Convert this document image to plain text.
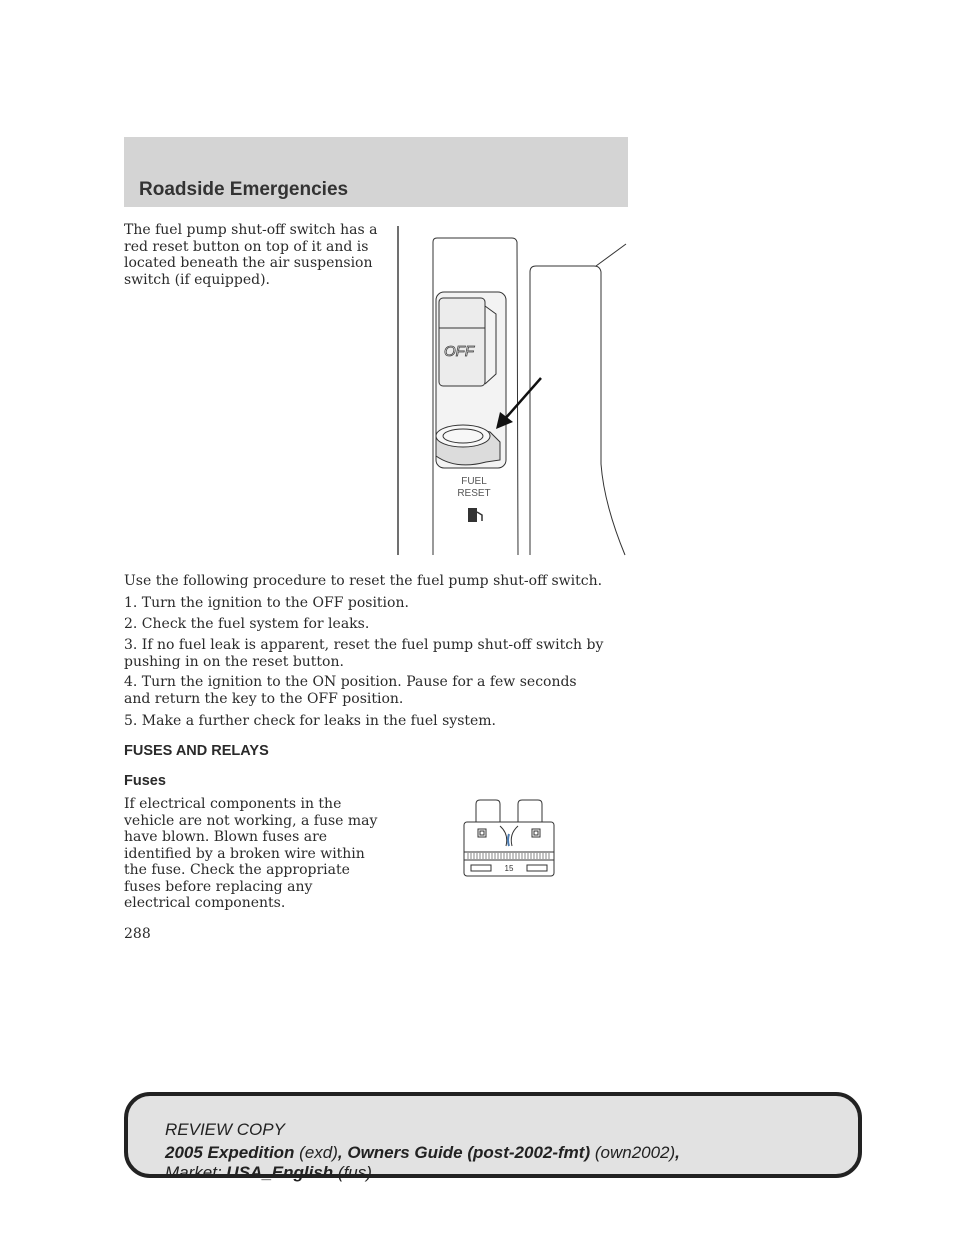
Roadside Emergencies
The fuel pump shut-off switch has a red reset button on top of it and is located beneath the air suspension switch (if equipped).
OFF
FUEL
RESET
Use the following procedure to reset the fuel pump shut-off switch.
1. Turn the ignition to the OFF position.
2. Check the fuel system for leaks.
3. If no fuel leak is apparent, reset the fuel pump shut-off switch by pushing in on the reset button.
4. Turn the ignition to the ON position. Pause for a few seconds and return the key to the OFF position.
5. Make a further check for leaks in the fuel system.
FUSES AND RELAYS
Fuses
If electrical components in the vehicle are not working, a fuse may have blown. Blown fuses are identified by a broken wire within the fuse. Check the appropriate fuses before replacing any electrical components.
15
288
REVIEW COPY
2005 Expedition (exd), Owners Guide (post-2002-fmt) (own2002),
Market: USA_English (fus)
